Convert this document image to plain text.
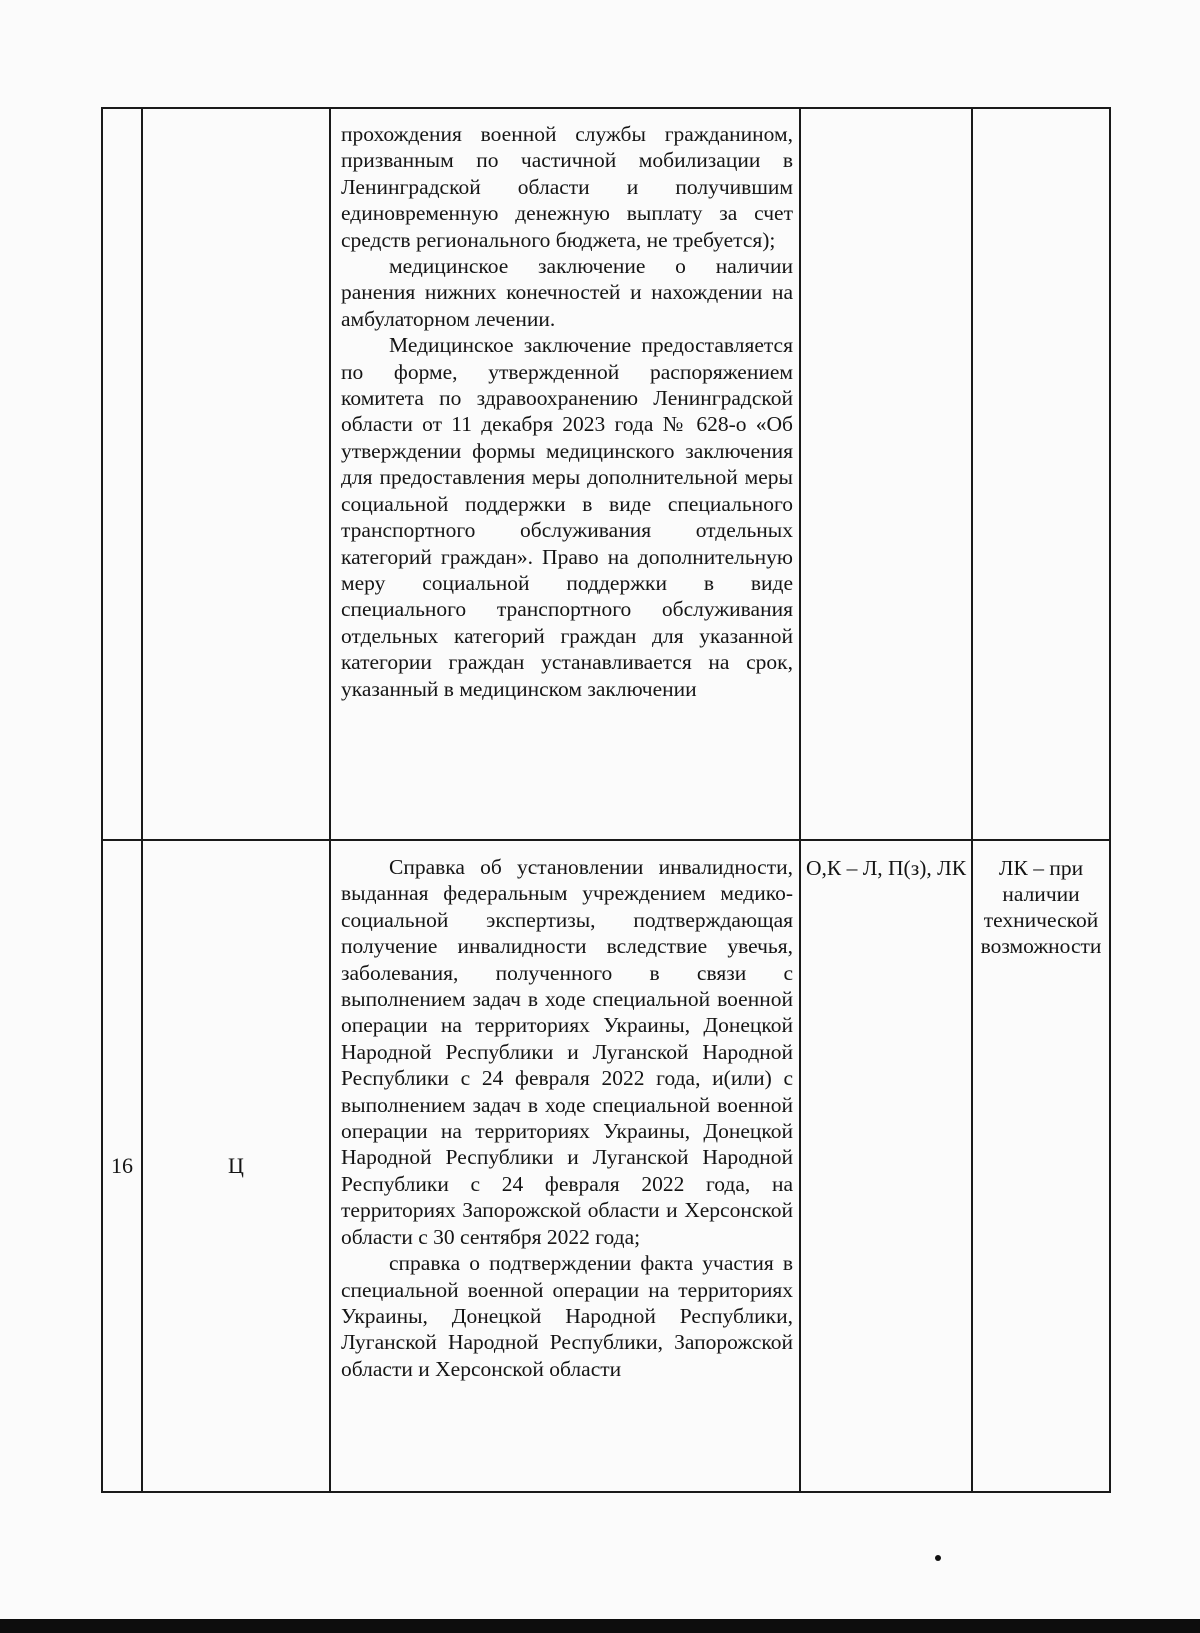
		прохождения военной службы гражданином, призванным по частичной мобилизации в Ленинградской области и получившим единовременную денежную выплату за счет средств регионального бюджета, не требуется);

медицинское заключение о наличии ранения нижних конечностей и нахождении на амбулаторном лечении.

Медицинское заключение предоставляется по форме, утвержденной распоряжением комитета по здравоохранению Ленинградской области от 11 декабря 2023 года № 628-о «Об утверждении формы медицинского заключения для предоставления меры дополнительной меры социальной поддержки в виде специального транспортного обслуживания отдельных категорий граждан». Право на дополнительную меру социальной поддержки в виде специального транспортного обслуживания отдельных категорий граждан для указанной категории граждан устанавливается на срок, указанный в медицинском заключении		

16	Ц	Справка об установлении инвалидности, выданная федеральным учреждением медико-социальной экспертизы, подтверждающая получение инвалидности вследствие увечья, заболевания, полученного в связи с выполнением задач в ходе специальной военной операции на территориях Украины, Донецкой Народной Республики и Луганской Народной Республики с 24 февраля 2022 года, и(или) с выполнением задач в ходе специальной военной операции на территориях Украины, Донецкой Народной Республики и Луганской Народной Республики с 24 февраля 2022 года, на территориях Запорожской области и Херсонской области с 30 сентября 2022 года;

справка о подтверждении факта участия в специальной военной операции на территориях Украины, Донецкой Народной Республики, Луганской Народной Республики, Запорожской области и Херсонской области	О,К – Л, П(з), ЛК	ЛК – при наличии технической возможности
